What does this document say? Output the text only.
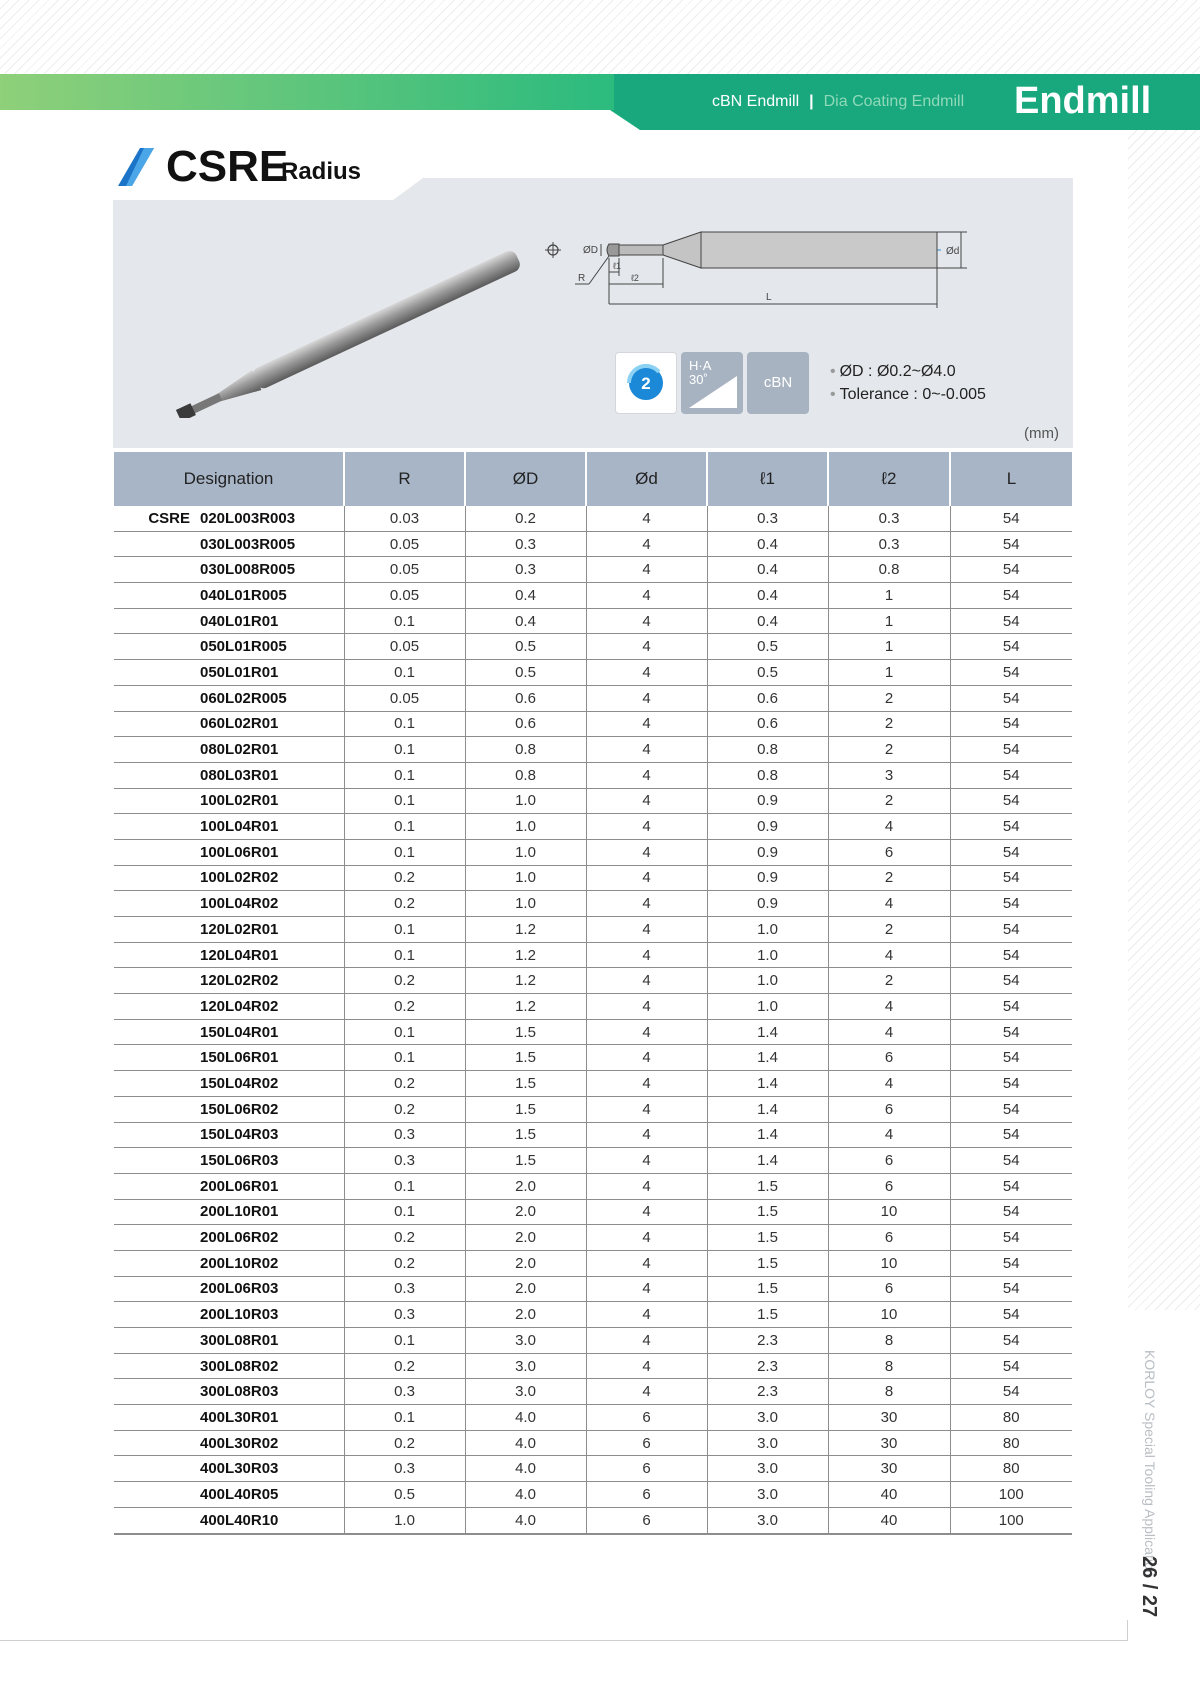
cBN Endmill | Dia Coating Endmill Endmill
CSRE
Radius
Ød
ØD
R
ℓ1
ℓ2
L
2
H·A
30˚	cBN
• ØD : Ø0.2~Ø4.0
• Tolerance : 0~-0.005
(mm)
Designation	R	ØD	Ød	ℓ1	ℓ2	L
CSRE 020L003R003	0.03	0.2	4	0.3	0.3	54
030L003R005	0.05	0.3	4	0.4	0.3	54
030L008R005	0.05	0.3	4	0.4	0.8	54
040L01R005	0.05	0.4	4	0.4	1	54
040L01R01	0.1	0.4	4	0.4	1	54
050L01R005	0.05	0.5	4	0.5	1	54
050L01R01	0.1	0.5	4	0.5	1	54
060L02R005	0.05	0.6	4	0.6	2	54
060L02R01	0.1	0.6	4	0.6	2	54
080L02R01	0.1	0.8	4	0.8	2	54
080L03R01	0.1	0.8	4	0.8	3	54
100L02R01	0.1	1.0	4	0.9	2	54
100L04R01	0.1	1.0	4	0.9	4	54
100L06R01	0.1	1.0	4	0.9	6	54
100L02R02	0.2	1.0	4	0.9	2	54
100L04R02	0.2	1.0	4	0.9	4	54
120L02R01	0.1	1.2	4	1.0	2	54
120L04R01	0.1	1.2	4	1.0	4	54
120L02R02	0.2	1.2	4	1.0	2	54
120L04R02	0.2	1.2	4	1.0	4	54
150L04R01	0.1	1.5	4	1.4	4	54
150L06R01	0.1	1.5	4	1.4	6	54
150L04R02	0.2	1.5	4	1.4	4	54
150L06R02	0.2	1.5	4	1.4	6	54
150L04R03	0.3	1.5	4	1.4	4	54
150L06R03	0.3	1.5	4	1.4	6	54
200L06R01	0.1	2.0	4	1.5	6	54
200L10R01	0.1	2.0	4	1.5	10	54
200L06R02	0.2	2.0	4	1.5	6	54
200L10R02	0.2	2.0	4	1.5	10	54
200L06R03	0.3	2.0	4	1.5	6	54
200L10R03	0.3	2.0	4	1.5	10	54
300L08R01	0.1	3.0	4	2.3	8	54
300L08R02	0.2	3.0	4	2.3	8	54
300L08R03	0.3	3.0	4	2.3	8	54
400L30R01	0.1	4.0	6	3.0	30	80
400L30R02	0.2	4.0	6	3.0	30	80
400L30R03	0.3	4.0	6	3.0	30	80
400L40R05	0.5	4.0	6	3.0	40	100
400L40R10	1.0	4.0	6	3.0	40	100	KORLOY Special Tooling Application
26 / 27
